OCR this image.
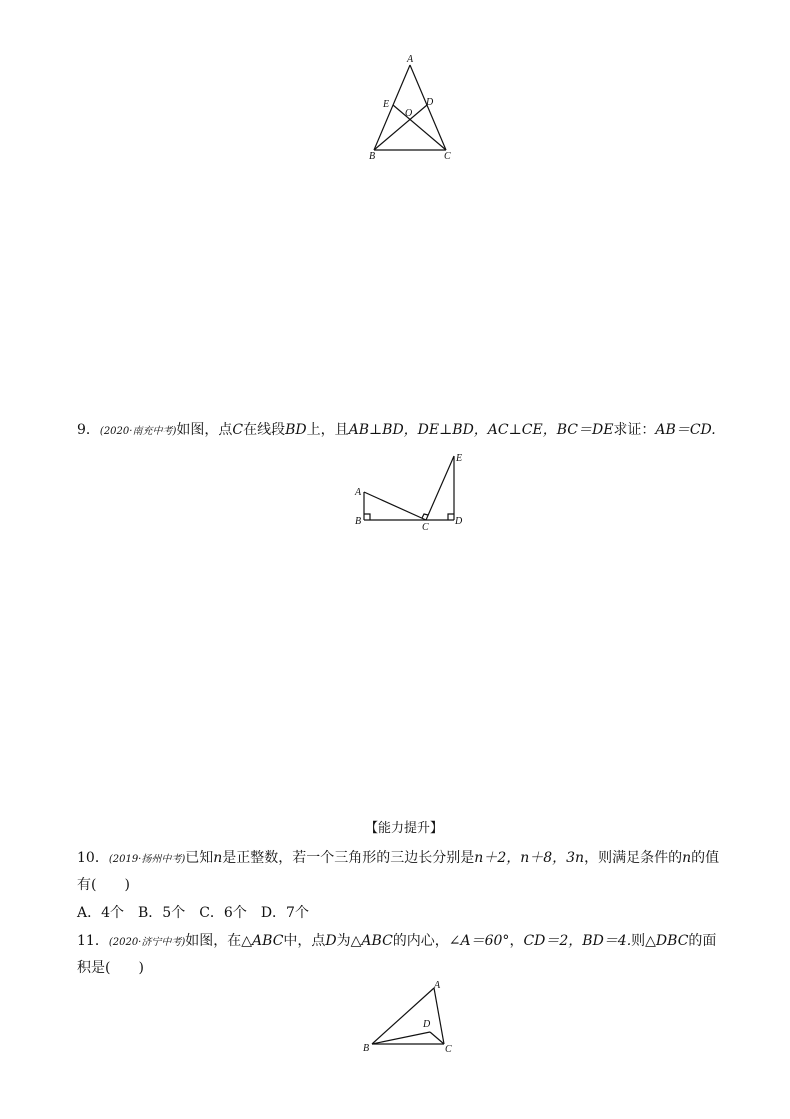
A
E	D
O
B	C
9．(2020·南充中考)如图，点C在线段BD上，且AB⊥BD，DE⊥BD，AC⊥CE，BC＝DE求证：AB＝CD.
E
A
B
C
D
【能力提升】
10．(2019·扬州中考)已知n是正整数，若一个三角形的三边长分别是n＋2，n＋8，3n，则满足条件的n的值
有(　　)
A．4个　B．5个　C．6个　D．7个
11．(2020·济宁中考)如图，在△ABC中，点D为△ABC的内心，∠A＝60°，CD＝2，BD＝4.则△DBC的面
积是(　　)
A
D
B	C
